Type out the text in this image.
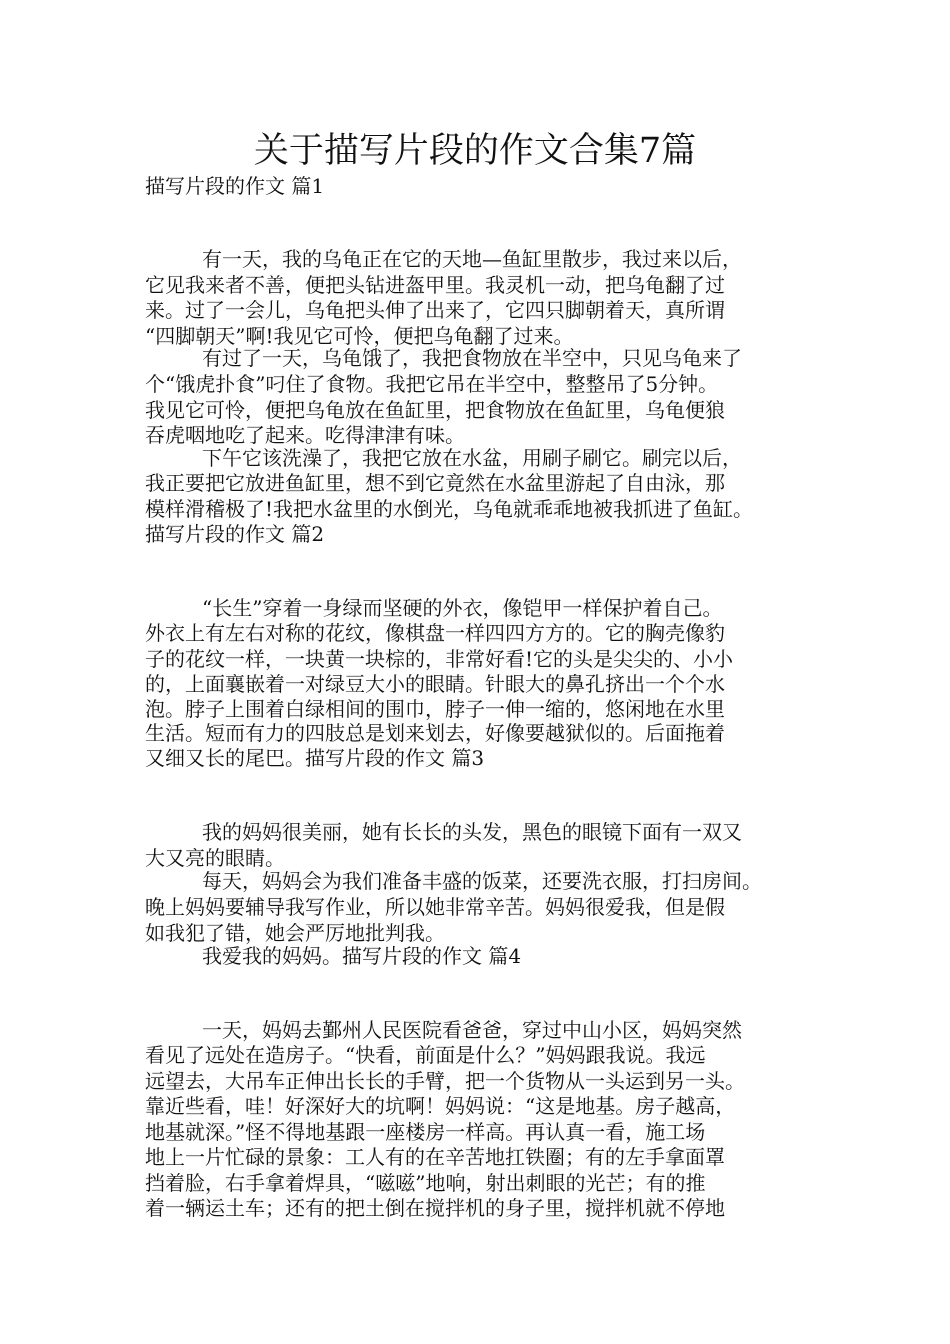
关于描写片段的作文合集7篇
描写片段的作文 篇1
有一天，我的乌龟正在它的天地—鱼缸里散步，我过来以后，
它见我来者不善，便把头钻进盔甲里。我灵机一动，把乌龟翻了过
来。过了一会儿，乌龟把头伸了出来了，它四只脚朝着天，真所谓
“四脚朝天”啊!我见它可怜，便把乌龟翻了过来。
有过了一天，乌龟饿了，我把食物放在半空中，只见乌龟来了
个“饿虎扑食”叼住了食物。我把它吊在半空中，整整吊了5分钟。
我见它可怜，便把乌龟放在鱼缸里，把食物放在鱼缸里，乌龟便狼
吞虎咽地吃了起来。吃得津津有味。
下午它该洗澡了，我把它放在水盆，用刷子刷它。刷完以后，
我正要把它放进鱼缸里，想不到它竟然在水盆里游起了自由泳，那
模样滑稽极了!我把水盆里的水倒光，乌龟就乖乖地被我抓进了鱼缸。
描写片段的作文 篇2
“长生”穿着一身绿而坚硬的外衣，像铠甲一样保护着自己。
外衣上有左右对称的花纹，像棋盘一样四四方方的。它的胸壳像豹
子的花纹一样，一块黄一块棕的，非常好看!它的头是尖尖的、小小
的，上面襄嵌着一对绿豆大小的眼睛。针眼大的鼻孔挤出一个个水
泡。脖子上围着白绿相间的围巾，脖子一伸一缩的，悠闲地在水里
生活。短而有力的四肢总是划来划去，好像要越狱似的。后面拖着
又细又长的尾巴。描写片段的作文 篇3
我的妈妈很美丽，她有长长的头发，黑色的眼镜下面有一双又
大又亮的眼睛。
每天，妈妈会为我们准备丰盛的饭菜，还要洗衣服，打扫房间。
晚上妈妈要辅导我写作业，所以她非常辛苦。妈妈很爱我，但是假
如我犯了错，她会严厉地批判我。
我爱我的妈妈。描写片段的作文 篇4
一天，妈妈去鄞州人民医院看爸爸，穿过中山小区，妈妈突然
看见了远处在造房子。“快看，前面是什么？”妈妈跟我说。我远
远望去，大吊车正伸出长长的手臂，把一个货物从一头运到另一头。
靠近些看，哇！好深好大的坑啊！妈妈说：“这是地基。房子越高，
地基就深。”怪不得地基跟一座楼房一样高。再认真一看，施工场
地上一片忙碌的景象：工人有的在辛苦地扛铁圈；有的左手拿面罩
挡着脸，右手拿着焊具，“嗞嗞”地响，射出刺眼的光芒；有的推
着一辆运土车；还有的把土倒在搅拌机的身子里，搅拌机就不停地
